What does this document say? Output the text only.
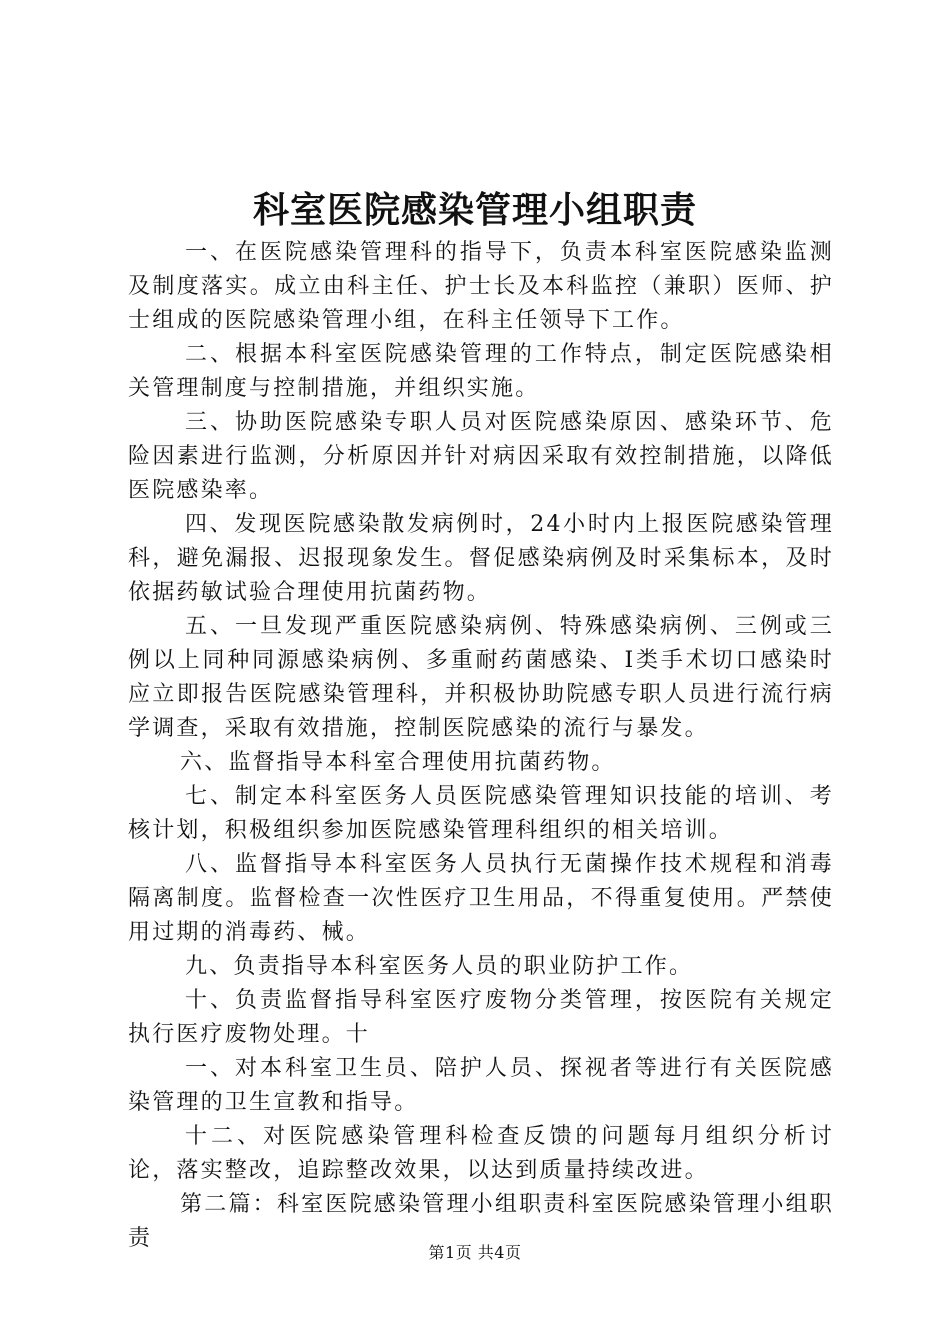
科室医院感染管理小组职责

一、在医院感染管理科的指导下，负责本科室医院感染监测及制度落实。成立由科主任、护士长及本科监控（兼职）医师、护士组成的医院感染管理小组，在科主任领导下工作。

二、根据本科室医院感染管理的工作特点，制定医院感染相关管理制度与控制措施，并组织实施。

三、协助医院感染专职人员对医院感染原因、感染环节、危险因素进行监测，分析原因并针对病因采取有效控制措施，以降低医院感染率。

四、发现医院感染散发病例时，24小时内上报医院感染管理科，避免漏报、迟报现象发生。督促感染病例及时采集标本，及时依据药敏试验合理使用抗菌药物。

五、一旦发现严重医院感染病例、特殊感染病例、三例或三例以上同种同源感染病例、多重耐药菌感染、Ⅰ类手术切口感染时应立即报告医院感染管理科，并积极协助院感专职人员进行流行病学调查，采取有效措施，控制医院感染的流行与暴发。

六、监督指导本科室合理使用抗菌药物。

七、制定本科室医务人员医院感染管理知识技能的培训、考核计划，积极组织参加医院感染管理科组织的相关培训。

八、监督指导本科室医务人员执行无菌操作技术规程和消毒隔离制度。监督检查一次性医疗卫生用品，不得重复使用。严禁使用过期的消毒药、械。

九、负责指导本科室医务人员的职业防护工作。

十、负责监督指导科室医疗废物分类管理，按医院有关规定执行医疗废物处理。十

一、对本科室卫生员、陪护人员、探视者等进行有关医院感染管理的卫生宣教和指导。

十二、对医院感染管理科检查反馈的问题每月组织分析讨论，落实整改，追踪整改效果，以达到质量持续改进。

第二篇：科室医院感染管理小组职责科室医院感染管理小组职责

第1页 共4页
